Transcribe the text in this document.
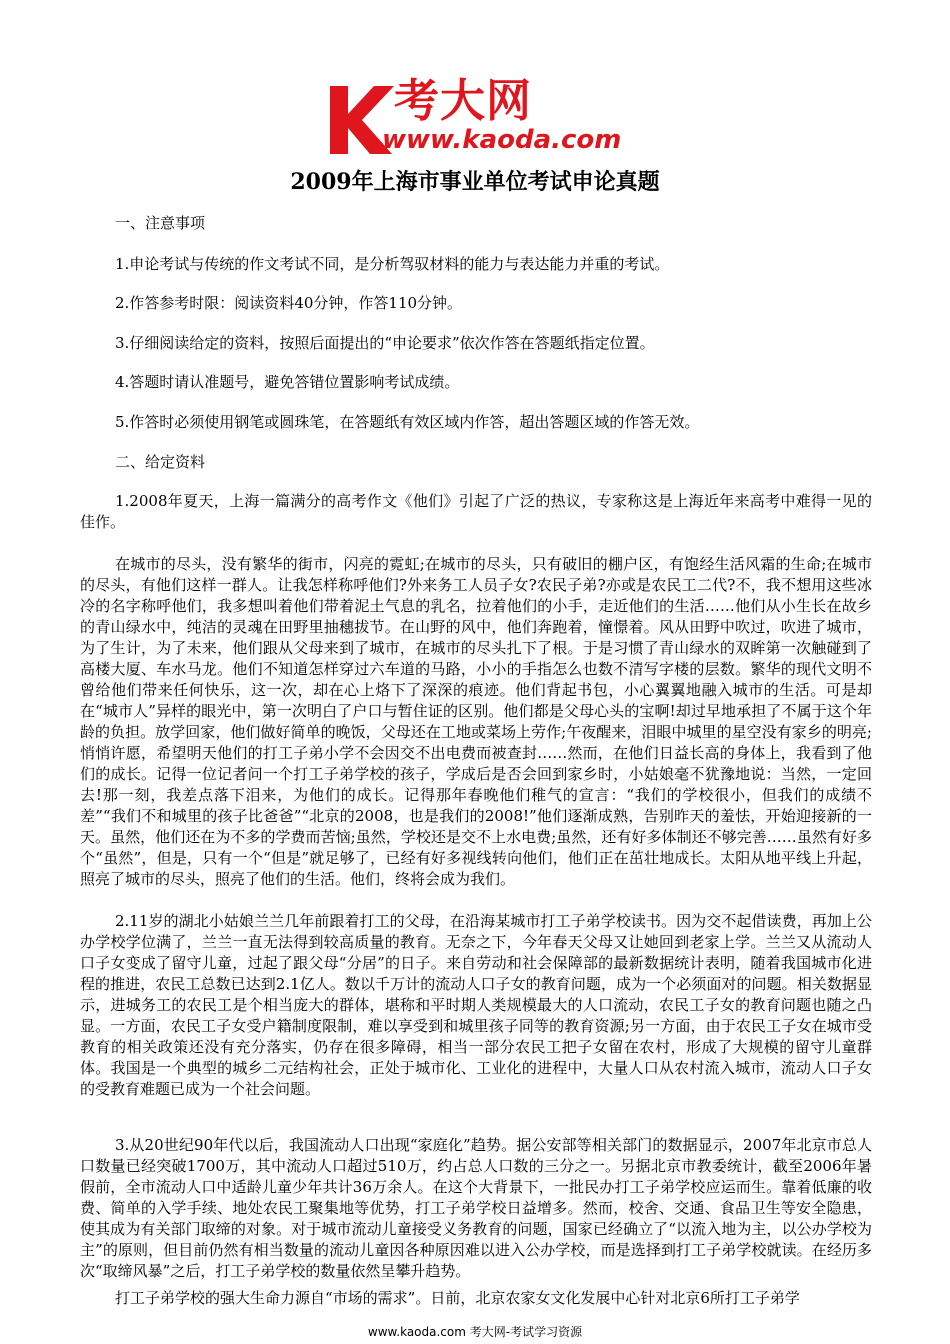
考大网
www.kaoda.com
2009年上海市事业单位考试申论真题

一、注意事项

1.申论考试与传统的作文考试不同，是分析驾驭材料的能力与表达能力并重的考试。

2.作答参考时限：阅读资料40分钟，作答110分钟。

3.仔细阅读给定的资料，按照后面提出的“申论要求”依次作答在答题纸指定位置。

4.答题时请认准题号，避免答错位置影响考试成绩。

5.作答时必须使用钢笔或圆珠笔，在答题纸有效区域内作答，超出答题区域的作答无效。

二、给定资料

1.2008年夏天，上海一篇满分的高考作文《他们》引起了广泛的热议，专家称这是上海近年来高考中难得一见的佳作。

在城市的尽头，没有繁华的街市，闪亮的霓虹;在城市的尽头，只有破旧的棚户区，有饱经生活风霜的生命;在城市的尽头，有他们这样一群人。让我怎样称呼他们?外来务工人员子女?农民子弟?亦或是农民工二代?不，我不想用这些冰冷的名字称呼他们，我多想叫着他们带着泥土气息的乳名，拉着他们的小手，走近他们的生活……他们从小生长在故乡的青山绿水中，纯洁的灵魂在田野里抽穗拔节。在山野的风中，他们奔跑着，憧憬着。风从田野中吹过，吹进了城市，为了生计，为了未来，他们跟从父母来到了城市，在城市的尽头扎下了根。于是习惯了青山绿水的双眸第一次触碰到了高楼大厦、车水马龙。他们不知道怎样穿过六车道的马路，小小的手指怎么也数不清写字楼的层数。繁华的现代文明不曾给他们带来任何快乐，这一次，却在心上烙下了深深的痕迹。他们背起书包，小心翼翼地融入城市的生活。可是却在“城市人”异样的眼光中，第一次明白了户口与暂住证的区别。他们都是父母心头的宝啊!却过早地承担了不属于这个年龄的负担。放学回家，他们做好简单的晚饭，父母还在工地或菜场上劳作;午夜醒来，泪眼中城里的星空没有家乡的明亮;悄悄许愿，希望明天他们的打工子弟小学不会因交不出电费而被查封……然而，在他们日益长高的身体上，我看到了他们的成长。记得一位记者问一个打工子弟学校的孩子，学成后是否会回到家乡时，小姑娘毫不犹豫地说：当然，一定回去!那一刻，我差点落下泪来，为他们的成长。记得那年春晚他们稚气的宣言：“我们的学校很小，但我们的成绩不差”“我们不和城里的孩子比爸爸”“北京的2008，也是我们的2008!”他们逐渐成熟，告别昨天的羞怯，开始迎接新的一天。虽然，他们还在为不多的学费而苦恼;虽然，学校还是交不上水电费;虽然，还有好多体制还不够完善……虽然有好多个“虽然”，但是，只有一个“但是”就足够了，已经有好多视线转向他们，他们正在茁壮地成长。太阳从地平线上升起，照亮了城市的尽头，照亮了他们的生活。他们，终将会成为我们。

2.11岁的湖北小姑娘兰兰几年前跟着打工的父母，在沿海某城市打工子弟学校读书。因为交不起借读费，再加上公办学校学位满了，兰兰一直无法得到较高质量的教育。无奈之下，今年春天父母又让她回到老家上学。兰兰又从流动人口子女变成了留守儿童，过起了跟父母“分居”的日子。来自劳动和社会保障部的最新数据统计表明，随着我国城市化进程的推进，农民工总数已达到2.1亿人。数以千万计的流动人口子女的教育问题，成为一个必须面对的问题。相关数据显示，进城务工的农民工是个相当庞大的群体，堪称和平时期人类规模最大的人口流动，农民工子女的教育问题也随之凸显。一方面，农民工子女受户籍制度限制，难以享受到和城里孩子同等的教育资源;另一方面，由于农民工子女在城市受教育的相关政策还没有充分落实，仍存在很多障碍，相当一部分农民工把子女留在农村，形成了大规模的留守儿童群体。我国是一个典型的城乡二元结构社会，正处于城市化、工业化的进程中，大量人口从农村流入城市，流动人口子女的受教育难题已成为一个社会问题。

3.从20世纪90年代以后，我国流动人口出现“家庭化”趋势。据公安部等相关部门的数据显示，2007年北京市总人口数量已经突破1700万，其中流动人口超过510万，约占总人口数的三分之一。另据北京市教委统计，截至2006年暑假前，全市流动人口中适龄儿童少年共计36万余人。在这个大背景下，一批民办打工子弟学校应运而生。靠着低廉的收费、简单的入学手续、地处农民工聚集地等优势，打工子弟学校日益增多。然而，校舍、交通、食品卫生等安全隐患，使其成为有关部门取缔的对象。对于城市流动儿童接受义务教育的问题，国家已经确立了“以流入地为主，以公办学校为主”的原则，但目前仍然有相当数量的流动儿童因各种原因难以进入公办学校，而是选择到打工子弟学校就读。在经历多次“取缔风暴”之后，打工子弟学校的数量依然呈攀升趋势。

打工子弟学校的强大生命力源自“市场的需求”。日前，北京农家女文化发展中心针对北京6所打工子弟学

www.kaoda.com 考大网-考试学习资源
